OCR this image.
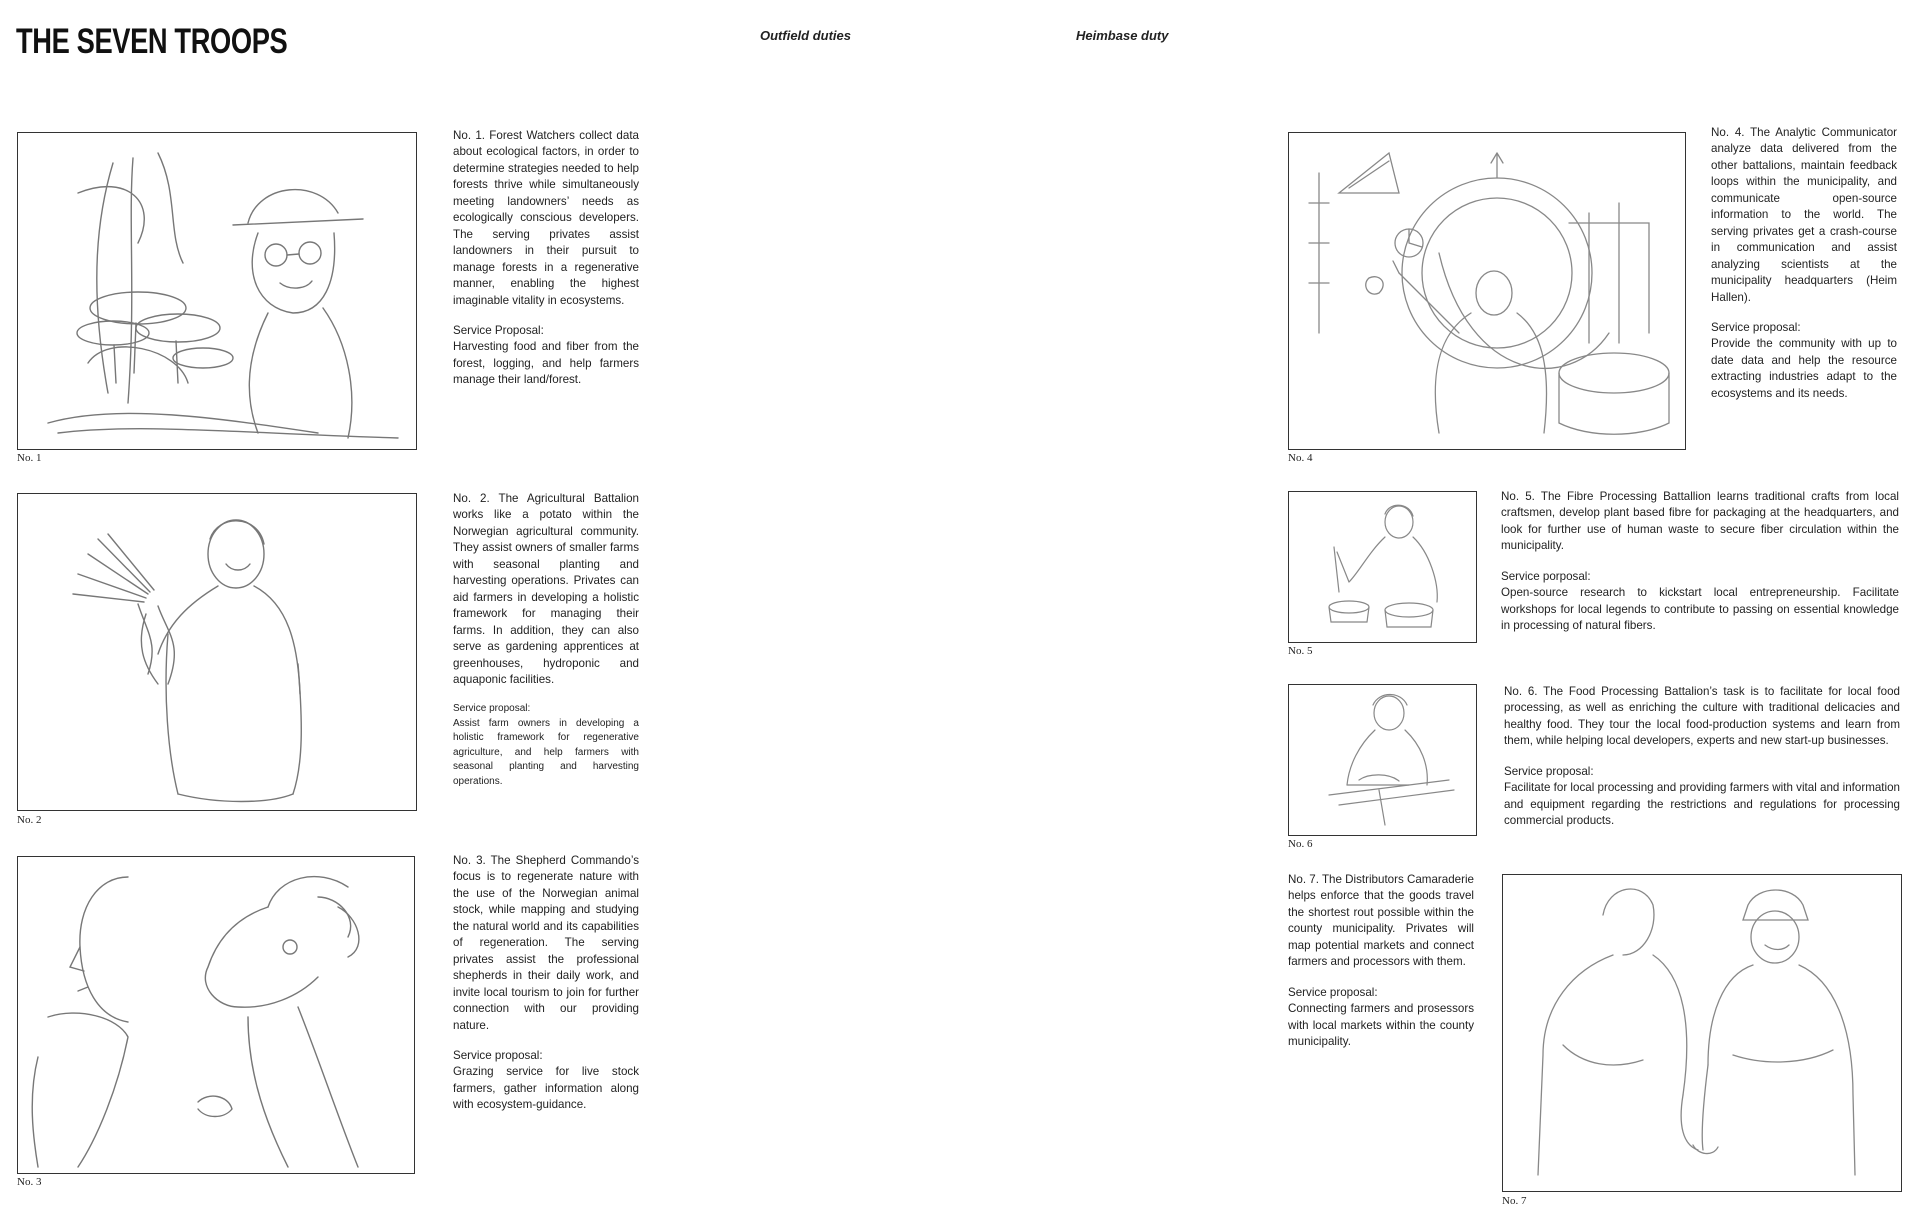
THE SEVEN TROOPS	Outfield duties	Heimbase duty
No. 1

No. 1. Forest Watchers collect data about ecological factors, in order to determine strategies needed to help forests thrive while simultaneously meeting landowners’ needs as ecologically conscious developers. The serving privates assist landowners in their pursuit to manage forests in a regenerative manner, enabling the highest imaginable vitality in ecosystems.

Service Proposal:
Harvesting food and fiber from the forest, logging, and help farmers manage their land/forest.
No. 2

No. 2. The Agricultural Battalion works like a potato within the Norwegian agricultural community. They assist owners of smaller farms with seasonal planting and harvesting operations. Privates can aid farmers in developing a holistic framework for managing their farms. In addition, they can also serve as gardening apprentices at greenhouses, hydroponic and aquaponic facilities.

Service proposal:
Assist farm owners in developing a holistic framework for regenerative agriculture, and help farmers with seasonal planting and harvesting operations.
No. 3

No. 3. The Shepherd Commando’s focus is to regenerate nature with the use of the Norwegian animal stock, while mapping and studying the natural world and its capabilities of regeneration. The serving privates assist the professional shepherds in their daily work, and invite local tourism to join for further connection with our providing nature.

Service proposal:
Grazing service for live stock farmers, gather information along with ecosystem-guidance.
No. 4

No. 4. The Analytic Communicator analyze data delivered from the other battalions, maintain feedback loops within the municipality, and communicate open-source information to the world. The serving privates get a crash-course in communication and assist analyzing scientists at the municipality headquarters (Heim Hallen).

Service proposal:
Provide the community with up to date data and help the resource extracting industries adapt to the ecosystems and its needs.
No. 5

No. 5. The Fibre Processing Battallion learns traditional crafts from local craftsmen, develop plant based fibre for packaging at the headquarters, and look for further use of human waste to secure fiber circulation within the municipality.

Service porposal:
Open-source research to kickstart local entrepreneurship. Facilitate workshops for local legends to contribute to passing on essential knowledge in processing of natural fibers.
No. 6

No. 6. The Food Processing Battalion’s task is to facilitate for local food processing, as well as enriching the culture with traditional delicacies and healthy food. They tour the local food-production systems and learn from them, while helping local developers, experts and new start-up businesses.

Service proposal:
Facilitate for local processing and providing farmers with vital and information and equipment regarding the restrictions and regulations for processing commercial products.
No. 7

No. 7. The Distributors Camaraderie helps enforce that the goods travel the shortest rout possible within the county municipality. Privates will map potential markets and connect farmers and processors with them.

Service proposal:
Connecting farmers and prosessors with local markets within the county municipality.
